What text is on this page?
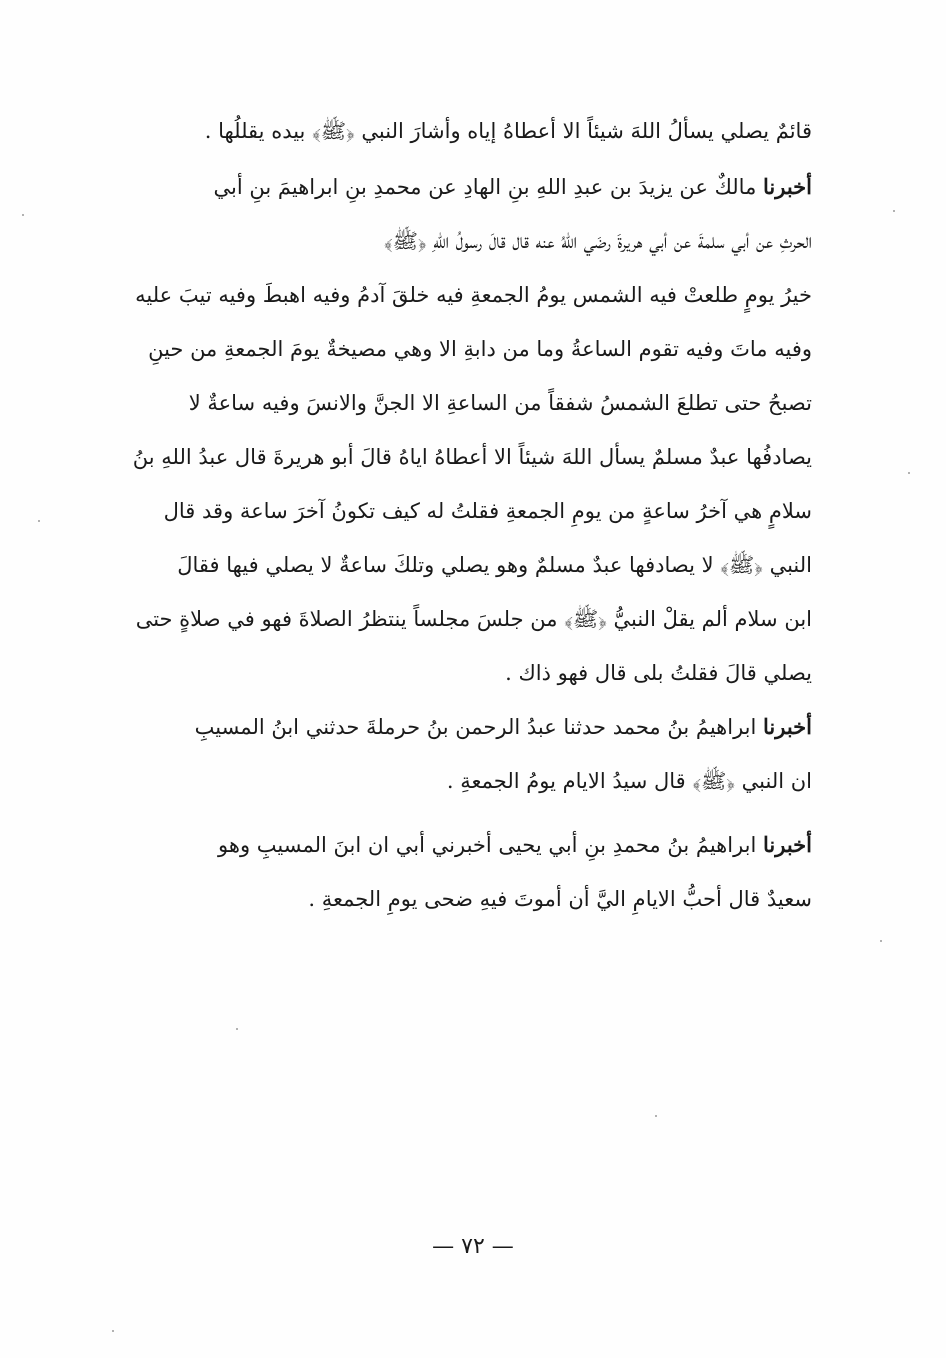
قائمٌ يصلي يسألُ اللهَ شيئاً الا أعطاهُ إياه وأشارَ النبي ﴿ﷺ﴾ بيده يقللُها .
أخبرنا مالكٌ عن يزيدَ بن عبدِ اللهِ بنِ الهادِ عن محمدِ بنِ ابراهيمَ بنِ أبي
الحرثِ عن أبي سلمةَ عن أبي هريرةَ رضَي اللهُ عنه قال قالَ رسولُ اللهِ ﴿ﷺ﴾
خيرُ يومٍ طلعتْ فيه الشمس يومُ الجمعةِ فيه خلقَ آدمُ وفيه اهبطَ وفيه تيبَ عليه
وفيه ماتَ وفيه تقوم الساعةُ وما من دابةِ الا وهي مصيخةٌ يومَ الجمعةِ من حينِ
تصبحُ حتى تطلعَ الشمسُ شفقاً من الساعةِ الا الجنَّ والانسَ وفيه ساعةٌ لا
يصادفُها عبدٌ مسلمٌ يسأل اللهَ شيئاً الا أعطاهُ اياهُ قالَ أبو هريرةَ قال عبدُ اللهِ بنُ
سلامٍ هي آخرُ ساعةٍ من يومِ الجمعةِ فقلتُ له كيف تكونُ آخرَ ساعة وقد قال
النبي ﴿ﷺ﴾ لا يصادفها عبدٌ مسلمٌ وهو يصلي وتلكَ ساعةٌ لا يصلي فيها فقالَ
ابن سلام ألم يقلْ النبيُّ ﴿ﷺ﴾ من جلسَ مجلساً ينتظرُ الصلاةَ فهو في صلاةٍ حتى
يصلي قالَ فقلتُ بلى قال فهو ذاك .
أخبرنا ابراهيمُ بنُ محمد حدثنا عبدُ الرحمن بنُ حرملةَ حدثني ابنُ المسيبِ
ان النبي ﴿ﷺ﴾ قال سيدُ الايام يومُ الجمعةِ .
أخبرنا ابراهيمُ بنُ محمدِ بنِ أبي يحيى أخبرني أبي ان ابنَ المسيبِ وهو
سعيدٌ قال أحبُّ الايامِ اليَّ أن أموتَ فيهِ ضحى يومِ الجمعةِ .
— ٧٢ —
